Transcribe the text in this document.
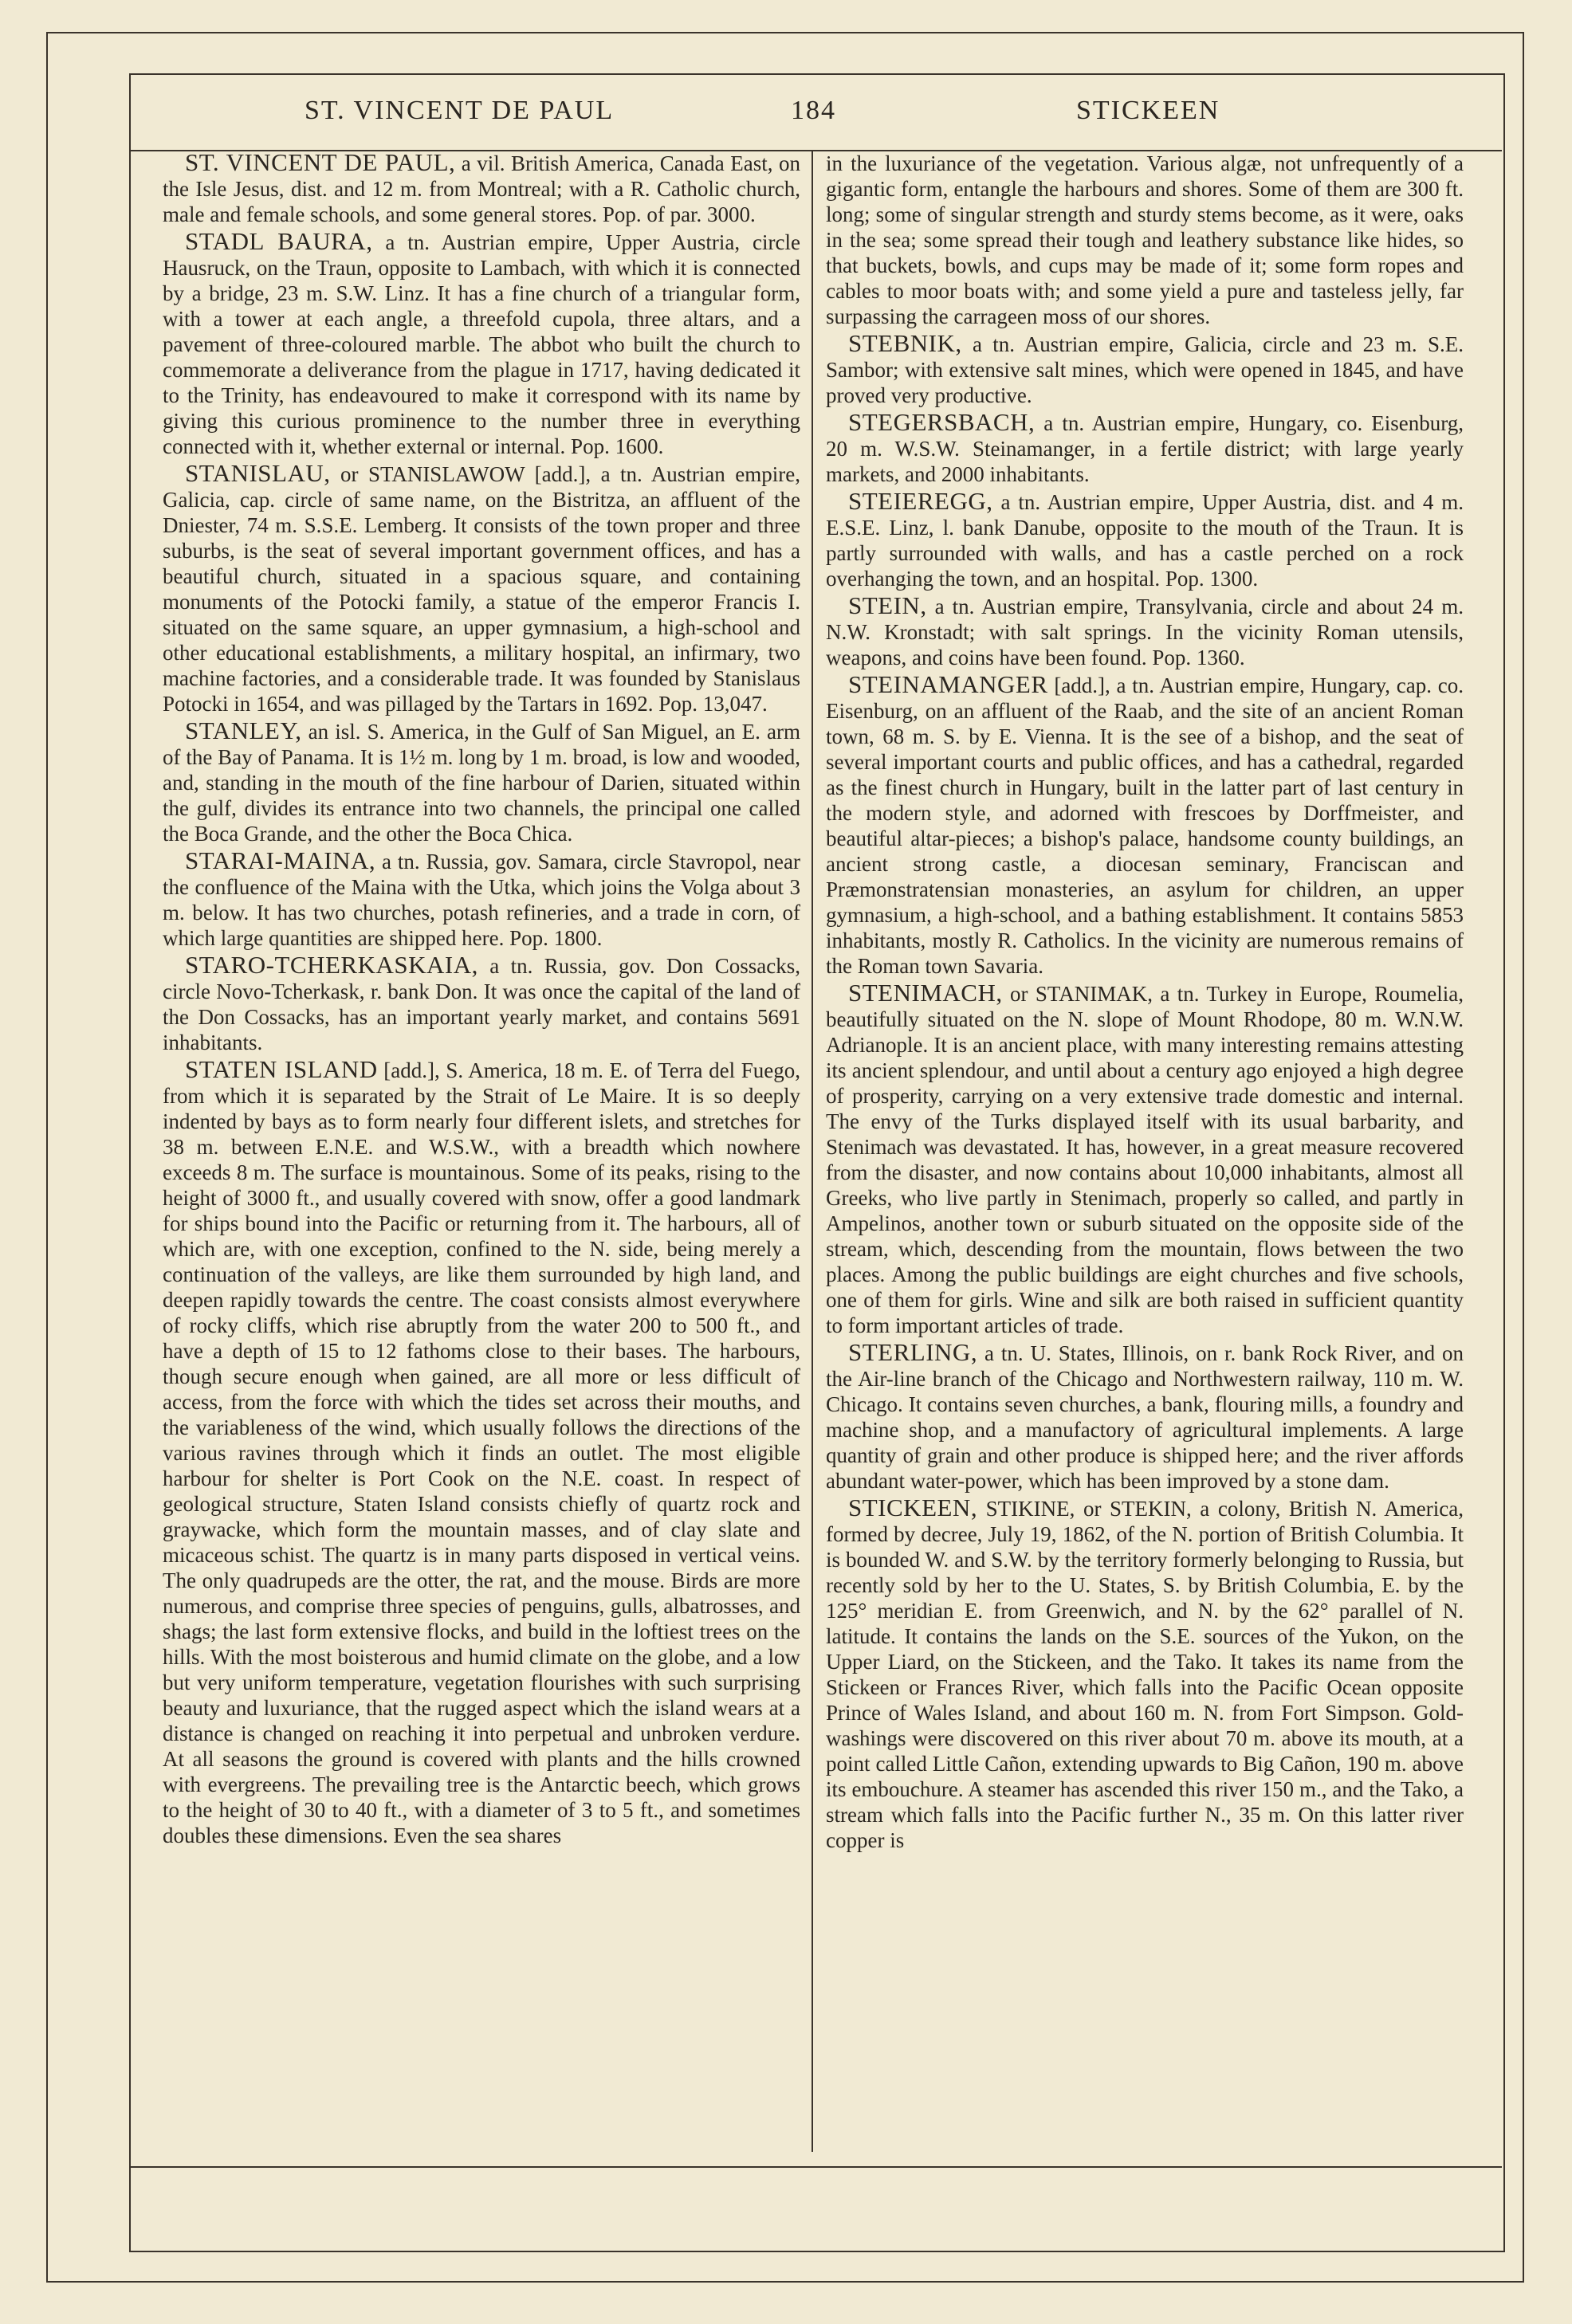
ST. VINCENT DE PAUL	184	STICKEEN

ST. VINCENT DE PAUL, a vil. British America, Canada East, on the Isle Jesus, dist. and 12 m. from Montreal; with a R. Catholic church, male and female schools, and some general stores. Pop. of par. 3000.

STADL BAURA, a tn. Austrian empire, Upper Austria, circle Hausruck, on the Traun, opposite to Lambach, with which it is connected by a bridge, 23 m. S.W. Linz. It has a fine church of a triangular form, with a tower at each angle, a threefold cupola, three altars, and a pavement of three-coloured marble. The abbot who built the church to commemorate a deliverance from the plague in 1717, having dedicated it to the Trinity, has endeavoured to make it correspond with its name by giving this curious prominence to the number three in everything connected with it, whether external or internal. Pop. 1600.

STANISLAU, or STANISLAWOW [add.], a tn. Austrian empire, Galicia, cap. circle of same name, on the Bistritza, an affluent of the Dniester, 74 m. S.S.E. Lemberg. It consists of the town proper and three suburbs, is the seat of several important government offices, and has a beautiful church, situated in a spacious square, and containing monuments of the Potocki family, a statue of the emperor Francis I. situated on the same square, an upper gymnasium, a high-school and other educational establishments, a military hospital, an infirmary, two machine factories, and a considerable trade. It was founded by Stanislaus Potocki in 1654, and was pillaged by the Tartars in 1692. Pop. 13,047.

STANLEY, an isl. S. America, in the Gulf of San Miguel, an E. arm of the Bay of Panama. It is 1½ m. long by 1 m. broad, is low and wooded, and, standing in the mouth of the fine harbour of Darien, situated within the gulf, divides its entrance into two channels, the principal one called the Boca Grande, and the other the Boca Chica.

STARAI-MAINA, a tn. Russia, gov. Samara, circle Stavropol, near the confluence of the Maina with the Utka, which joins the Volga about 3 m. below. It has two churches, potash refineries, and a trade in corn, of which large quantities are shipped here. Pop. 1800.

STARO-TCHERKASKAIA, a tn. Russia, gov. Don Cossacks, circle Novo-Tcherkask, r. bank Don. It was once the capital of the land of the Don Cossacks, has an important yearly market, and contains 5691 inhabitants.

STATEN ISLAND [add.], S. America, 18 m. E. of Terra del Fuego, from which it is separated by the Strait of Le Maire. It is so deeply indented by bays as to form nearly four different islets, and stretches for 38 m. between E.N.E. and W.S.W., with a breadth which nowhere exceeds 8 m. The surface is mountainous. Some of its peaks, rising to the height of 3000 ft., and usually covered with snow, offer a good landmark for ships bound into the Pacific or returning from it. The harbours, all of which are, with one exception, confined to the N. side, being merely a continuation of the valleys, are like them surrounded by high land, and deepen rapidly towards the centre. The coast consists almost everywhere of rocky cliffs, which rise abruptly from the water 200 to 500 ft., and have a depth of 15 to 12 fathoms close to their bases. The harbours, though secure enough when gained, are all more or less difficult of access, from the force with which the tides set across their mouths, and the variableness of the wind, which usually follows the directions of the various ravines through which it finds an outlet. The most eligible harbour for shelter is Port Cook on the N.E. coast. In respect of geological structure, Staten Island consists chiefly of quartz rock and graywacke, which form the mountain masses, and of clay slate and micaceous schist. The quartz is in many parts disposed in vertical veins. The only quadrupeds are the otter, the rat, and the mouse. Birds are more numerous, and comprise three species of penguins, gulls, albatrosses, and shags; the last form extensive flocks, and build in the loftiest trees on the hills. With the most boisterous and humid climate on the globe, and a low but very uniform temperature, vegetation flourishes with such surprising beauty and luxuriance, that the rugged aspect which the island wears at a distance is changed on reaching it into perpetual and unbroken verdure. At all seasons the ground is covered with plants and the hills crowned with evergreens. The prevailing tree is the Antarctic beech, which grows to the height of 30 to 40 ft., with a diameter of 3 to 5 ft., and sometimes doubles these dimensions. Even the sea shares

in the luxuriance of the vegetation. Various algæ, not unfrequently of a gigantic form, entangle the harbours and shores. Some of them are 300 ft. long; some of singular strength and sturdy stems become, as it were, oaks in the sea; some spread their tough and leathery substance like hides, so that buckets, bowls, and cups may be made of it; some form ropes and cables to moor boats with; and some yield a pure and tasteless jelly, far surpassing the carrageen moss of our shores.

STEBNIK, a tn. Austrian empire, Galicia, circle and 23 m. S.E. Sambor; with extensive salt mines, which were opened in 1845, and have proved very productive.

STEGERSBACH, a tn. Austrian empire, Hungary, co. Eisenburg, 20 m. W.S.W. Steinamanger, in a fertile district; with large yearly markets, and 2000 inhabitants.

STEIEREGG, a tn. Austrian empire, Upper Austria, dist. and 4 m. E.S.E. Linz, l. bank Danube, opposite to the mouth of the Traun. It is partly surrounded with walls, and has a castle perched on a rock overhanging the town, and an hospital. Pop. 1300.

STEIN, a tn. Austrian empire, Transylvania, circle and about 24 m. N.W. Kronstadt; with salt springs. In the vicinity Roman utensils, weapons, and coins have been found. Pop. 1360.

STEINAMANGER [add.], a tn. Austrian empire, Hungary, cap. co. Eisenburg, on an affluent of the Raab, and the site of an ancient Roman town, 68 m. S. by E. Vienna. It is the see of a bishop, and the seat of several important courts and public offices, and has a cathedral, regarded as the finest church in Hungary, built in the latter part of last century in the modern style, and adorned with frescoes by Dorffmeister, and beautiful altar-pieces; a bishop's palace, handsome county buildings, an ancient strong castle, a diocesan seminary, Franciscan and Præmonstratensian monasteries, an asylum for children, an upper gymnasium, a high-school, and a bathing establishment. It contains 5853 inhabitants, mostly R. Catholics. In the vicinity are numerous remains of the Roman town Savaria.

STENIMACH, or STANIMAK, a tn. Turkey in Europe, Roumelia, beautifully situated on the N. slope of Mount Rhodope, 80 m. W.N.W. Adrianople. It is an ancient place, with many interesting remains attesting its ancient splendour, and until about a century ago enjoyed a high degree of prosperity, carrying on a very extensive trade domestic and internal. The envy of the Turks displayed itself with its usual barbarity, and Stenimach was devastated. It has, however, in a great measure recovered from the disaster, and now contains about 10,000 inhabitants, almost all Greeks, who live partly in Stenimach, properly so called, and partly in Ampelinos, another town or suburb situated on the opposite side of the stream, which, descending from the mountain, flows between the two places. Among the public buildings are eight churches and five schools, one of them for girls. Wine and silk are both raised in sufficient quantity to form important articles of trade.

STERLING, a tn. U. States, Illinois, on r. bank Rock River, and on the Air-line branch of the Chicago and Northwestern railway, 110 m. W. Chicago. It contains seven churches, a bank, flouring mills, a foundry and machine shop, and a manufactory of agricultural implements. A large quantity of grain and other produce is shipped here; and the river affords abundant water-power, which has been improved by a stone dam.

STICKEEN, STIKINE, or STEKIN, a colony, British N. America, formed by decree, July 19, 1862, of the N. portion of British Columbia. It is bounded W. and S.W. by the territory formerly belonging to Russia, but recently sold by her to the U. States, S. by British Columbia, E. by the 125° meridian E. from Greenwich, and N. by the 62° parallel of N. latitude. It contains the lands on the S.E. sources of the Yukon, on the Upper Liard, on the Stickeen, and the Tako. It takes its name from the Stickeen or Frances River, which falls into the Pacific Ocean opposite Prince of Wales Island, and about 160 m. N. from Fort Simpson. Gold-washings were discovered on this river about 70 m. above its mouth, at a point called Little Cañon, extending upwards to Big Cañon, 190 m. above its embouchure. A steamer has ascended this river 150 m., and the Tako, a stream which falls into the Pacific further N., 35 m. On this latter river copper is
